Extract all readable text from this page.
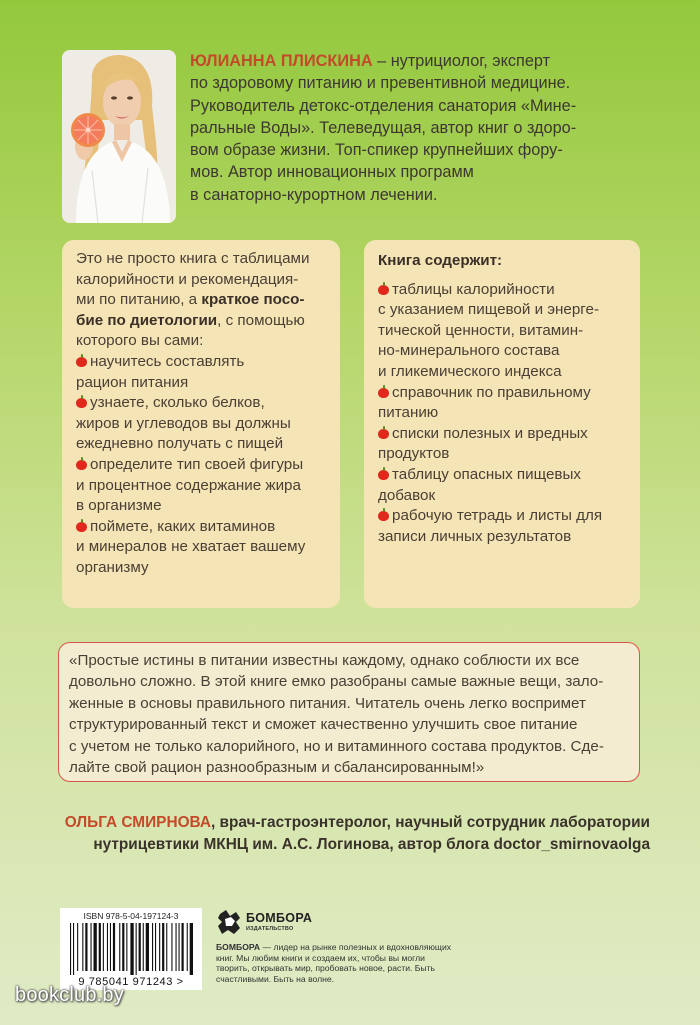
ЮЛИАННА ПЛИСКИНА – нутрициолог, эксперт
по здоровому питанию и превентивной медицине.
Руководитель детокс-отделения санатория «Мине-
ральные Воды». Телеведущая, автор книг о здоро-
вом образе жизни. Топ-спикер крупнейших фору-
мов. Автор инновационных программ
в санаторно-курортном лечении.

Это не просто книга с таблицами
калорийности и рекомендация-
ми по питанию, а краткое посо-
бие по диетологии, с помощью
которого вы сами:

научитесь составлять
рацион питания
узнаете, сколько белков,
жиров и углеводов вы должны
ежедневно получать с пищей
определите тип своей фигуры
и процентное содержание жира
в организме
поймете, каких витаминов
и минералов не хватает вашему
организму

Книга содержит:

таблицы калорийности
с указанием пищевой и энерге-
тической ценности, витамин-
но-минерального состава
и гликемического индекса
справочник по правильному
питанию
списки полезных и вредных
продуктов
таблицу опасных пищевых
добавок
рабочую тетрадь и листы для
записи личных результатов

«Простые истины в питании известны каждому, однако соблюсти их все
довольно сложно. В этой книге емко разобраны самые важные вещи, зало-
женные в основы правильного питания. Читатель очень легко воспримет
структурированный текст и сможет качественно улучшить свое питание
с учетом не только калорийного, но и витаминного состава продуктов. Сде-
лайте свой рацион разнообразным и сбалансированным!»

ОЛЬГА СМИРНОВА, врач-гастроэнтеролог, научный сотрудник лаборатории
нутрицевтики МКНЦ им. А.С. Логинова, автор блога doctor_smirnovaolga

ISBN 978-5-04-197124-3
9 785041 971243 >
БОМБОРА
ИЗДАТЕЛЬСТВО

БОМБОРА — лидер на рынке полезных и вдохновляющих книг. Мы любим книги и создаем их, чтобы вы могли творить, открывать мир, пробовать новое, расти. Быть счастливыми. Быть на волне.

bookclub.by
